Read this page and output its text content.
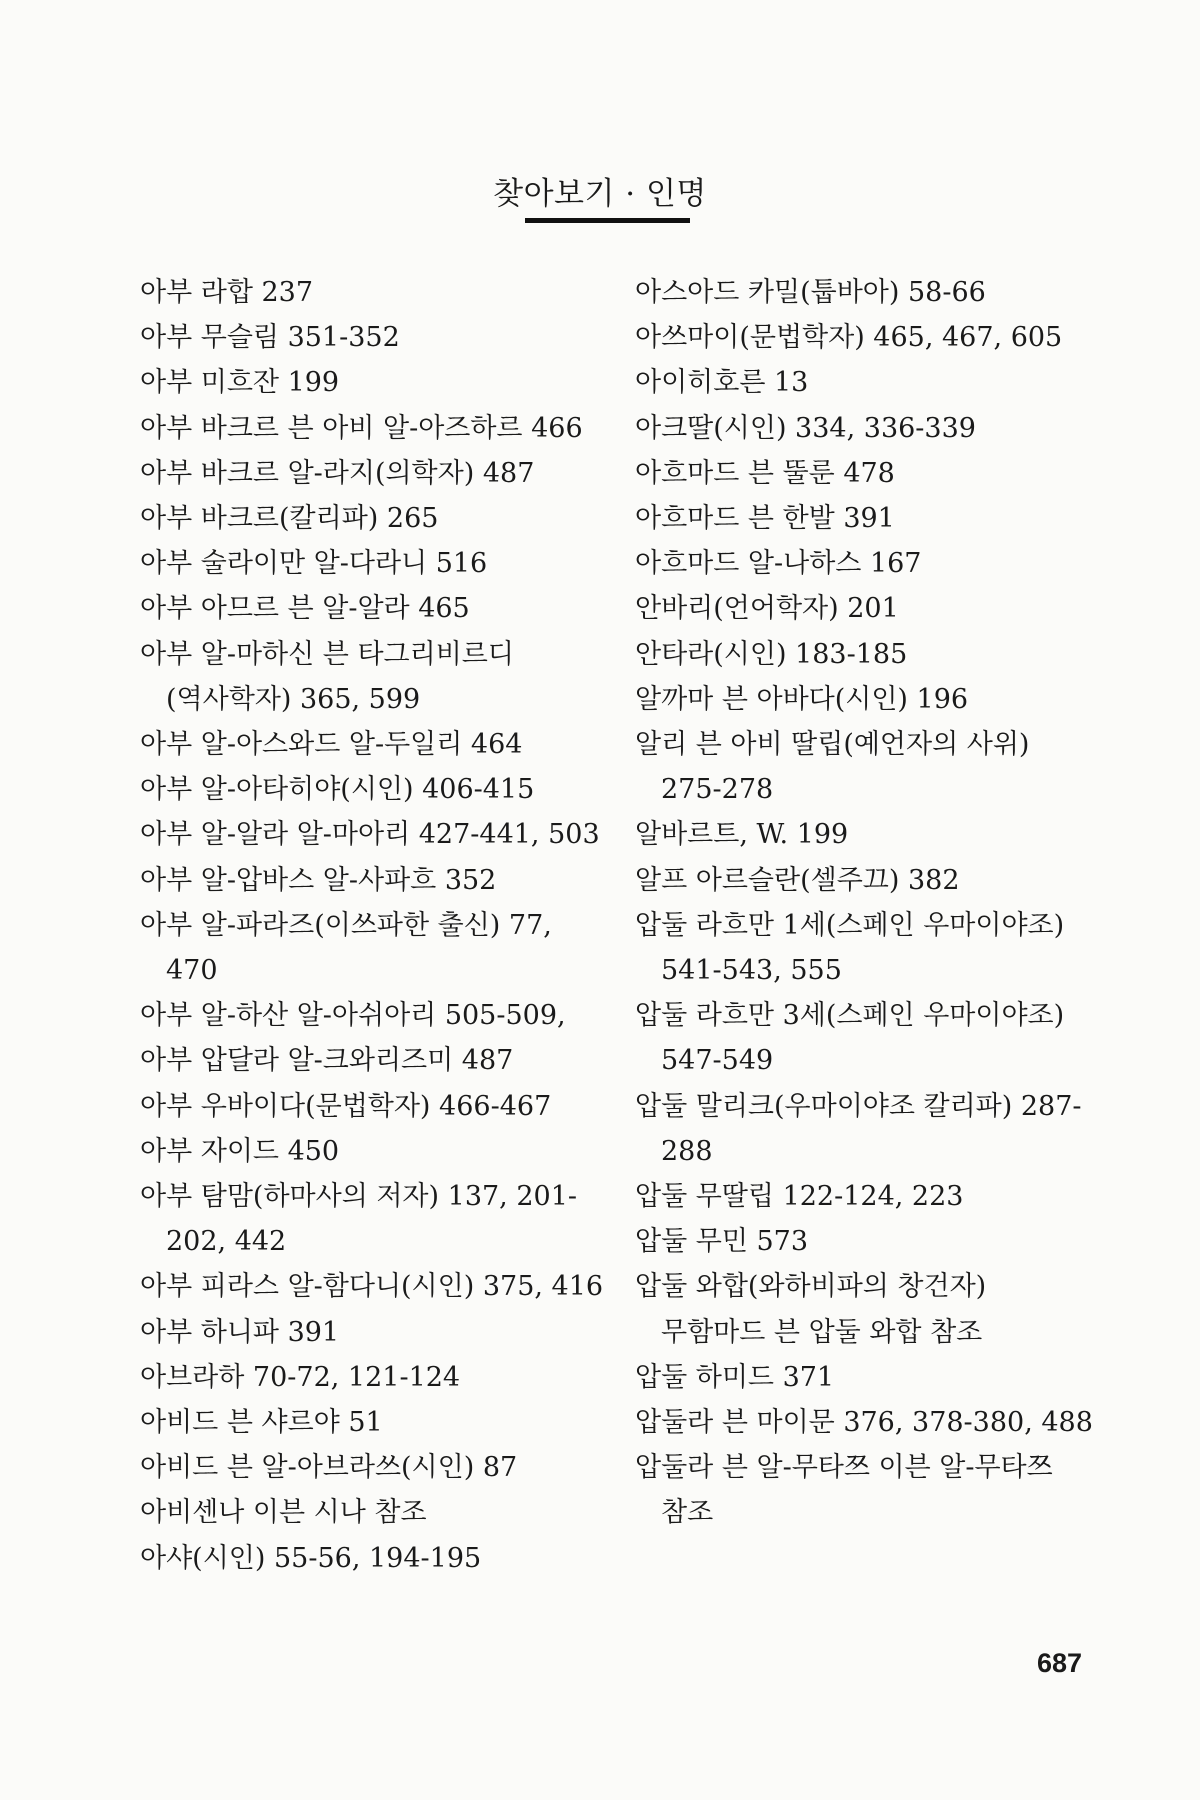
찾아보기 · 인명
아부 라합 237
아부 무슬림 351-352
아부 미흐잔 199
아부 바크르 븐 아비 알-아즈하르 466
아부 바크르 알-라지(의학자) 487
아부 바크르(칼리파) 265
아부 술라이만 알-다라니 516
아부 아므르 븐 알-알라 465
아부 알-마하신 븐 타그리비르디(역사학자) 365, 599
아부 알-아스와드 알-두일리 464
아부 알-아타히야(시인) 406-415
아부 알-알라 알-마아리 427-441, 503
아부 알-압바스 알-사파흐 352
아부 알-파라즈(이쓰파한 출신) 77, 470
아부 알-하산 알-아쉬아리 505-509,
아부 압달라 알-크와리즈미 487
아부 우바이다(문법학자) 466-467
아부 자이드 450
아부 탐맘(하마사의 저자) 137, 201-202, 442
아부 피라스 알-함다니(시인) 375, 416
아부 하니파 391
아브라하 70-72, 121-124
아비드 븐 샤르야 51
아비드 븐 알-아브라쓰(시인) 87
아비센나 이븐 시나 참조
아샤(시인) 55-56, 194-195
아스아드 카밀(툽바아) 58-66
아쓰마이(문법학자) 465, 467, 605
아이히호른 13
아크딸(시인) 334, 336-339
아흐마드 븐 뚤룬 478
아흐마드 븐 한발 391
아흐마드 알-나하스 167
안바리(언어학자) 201
안타라(시인) 183-185
알까마 븐 아바다(시인) 196
알리 븐 아비 딸립(예언자의 사위) 275-278
알바르트, W. 199
알프 아르슬란(셀주끄) 382
압둘 라흐만 1세(스페인 우마이야조) 541-543, 555
압둘 라흐만 3세(스페인 우마이야조) 547-549
압둘 말리크(우마이야조 칼리파) 287-288
압둘 무딸립 122-124, 223
압둘 무민 573
압둘 와합(와하비파의 창건자) 무함마드 븐 압둘 와합 참조
압둘 하미드 371
압둘라 븐 마이문 376, 378-380, 488
압둘라 븐 알-무타쯔 이븐 알-무타쯔 참조
687
